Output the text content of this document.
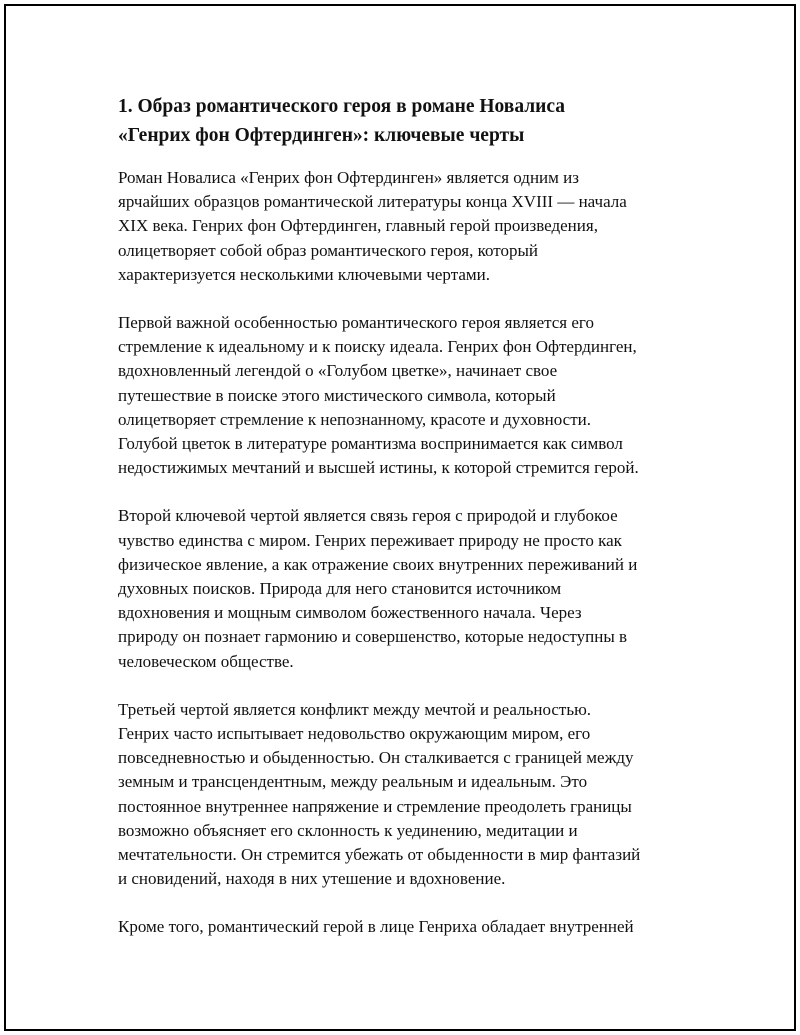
1. Образ романтического героя в романе Новалиса
«Генрих фон Офтердинген»: ключевые черты

Роман Новалиса «Генрих фон Офтердинген» является одним из
ярчайших образцов романтической литературы конца XVIII — начала
XIX века. Генрих фон Офтердинген, главный герой произведения,
олицетворяет собой образ романтического героя, который
характеризуется несколькими ключевыми чертами.

Первой важной особенностью романтического героя является его
стремление к идеальному и к поиску идеала. Генрих фон Офтердинген,
вдохновленный легендой о «Голубом цветке», начинает свое
путешествие в поиске этого мистического символа, который
олицетворяет стремление к непознанному, красоте и духовности.
Голубой цветок в литературе романтизма воспринимается как символ
недостижимых мечтаний и высшей истины, к которой стремится герой.

Второй ключевой чертой является связь героя с природой и глубокое
чувство единства с миром. Генрих переживает природу не просто как
физическое явление, а как отражение своих внутренних переживаний и
духовных поисков. Природа для него становится источником
вдохновения и мощным символом божественного начала. Через
природу он познает гармонию и совершенство, которые недоступны в
человеческом обществе.

Третьей чертой является конфликт между мечтой и реальностью.
Генрих часто испытывает недовольство окружающим миром, его
повседневностью и обыденностью. Он сталкивается с границей между
земным и трансцендентным, между реальным и идеальным. Это
постоянное внутреннее напряжение и стремление преодолеть границы
возможно объясняет его склонность к уединению, медитации и
мечтательности. Он стремится убежать от обыденности в мир фантазий
и сновидений, находя в них утешение и вдохновение.

Кроме того, романтический герой в лице Генриха обладает внутренней
